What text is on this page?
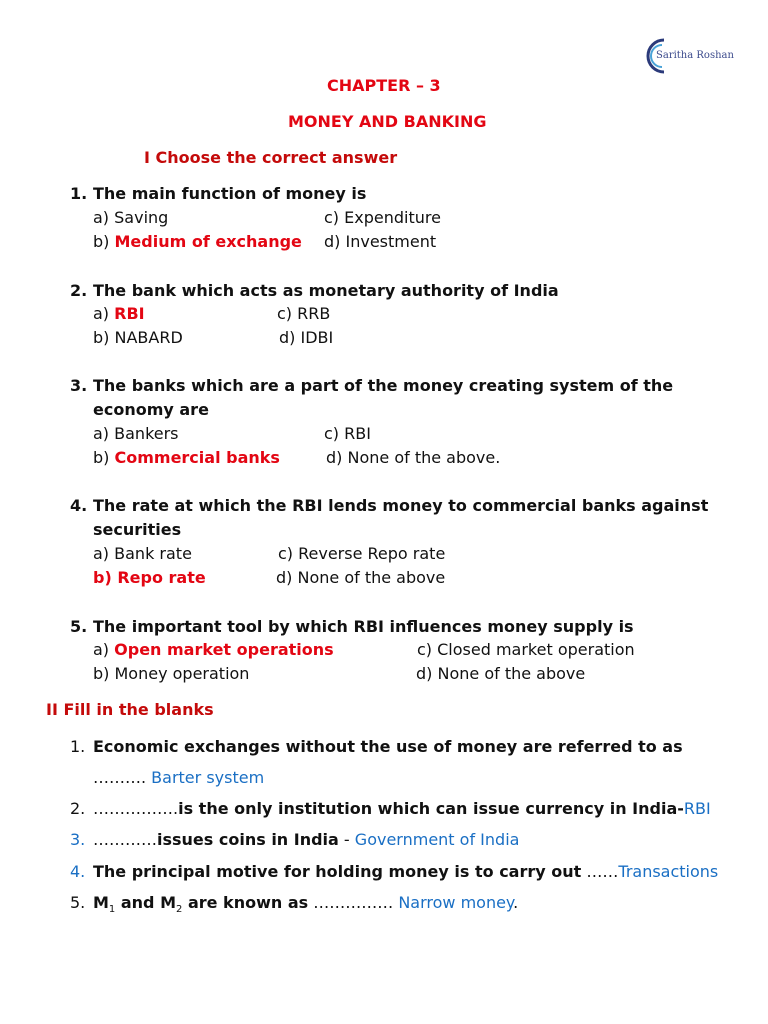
Saritha Roshan
CHAPTER – 3
MONEY AND BANKING
I Choose the correct answer
1. The main function of money is
a) Saving	c) Expenditure
b) Medium of exchange d) Investment
2. The bank which acts as monetary authority of India
a) RBI	c) RRB
b) NABARD	d) IDBI
3. The banks which are a part of the money creating system of the
economy are
a) Bankers	c) RBI
b) Commercial banks	d) None of the above.
4. The rate at which the RBI lends money to commercial banks against
securities
a) Bank rate	c) Reverse Repo rate
b) Repo rate	d) None of the above
5. The important tool by which RBI influences money supply is
a) Open market operations	c) Closed market operation
b) Money operation	d) None of the above
II Fill in the blanks
1. Economic exchanges without the use of money are referred to as
………. Barter system
2. …………….is the only institution which can issue currency in India-RBI
3. …………issues coins in India - Government of India
4. The principal motive for holding money is to carry out ……Transactions
5. $M_1$ and $M_2$ are known as …………… Narrow money.
